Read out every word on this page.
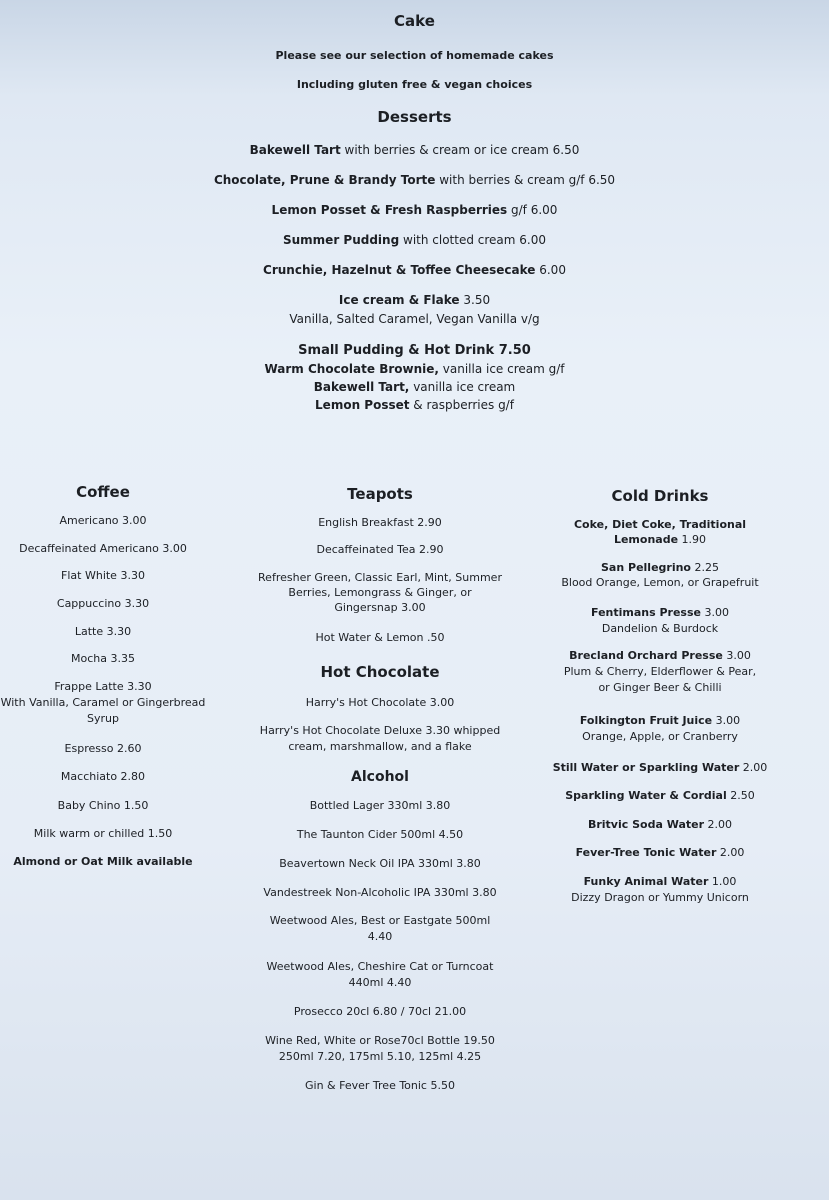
Cake
Please see our selection of homemade cakes
Including gluten free & vegan choices
Desserts
Bakewell Tart with berries & cream or ice cream 6.50
Chocolate, Prune & Brandy Torte with berries & cream g/f 6.50
Lemon Posset & Fresh Raspberries g/f 6.00
Summer Pudding with clotted cream 6.00
Crunchie, Hazelnut & Toffee Cheesecake 6.00
Ice cream & Flake 3.50
Vanilla, Salted Caramel, Vegan Vanilla v/g
Small Pudding & Hot Drink 7.50
Warm Chocolate Brownie, vanilla ice cream g/f
Bakewell Tart, vanilla ice cream
Lemon Posset & raspberries g/f
Coffee
Americano 3.00
Decaffeinated Americano 3.00
Flat White 3.30
Cappuccino 3.30
Latte 3.30
Mocha 3.35
Frappe Latte 3.30
With Vanilla, Caramel or Gingerbread
Syrup
Espresso 2.60
Macchiato 2.80
Baby Chino 1.50
Milk warm or chilled 1.50
Almond or Oat Milk available
Teapots
English Breakfast 2.90
Decaffeinated Tea 2.90
Refresher Green, Classic Earl, Mint, Summer
Berries, Lemongrass & Ginger, or
Gingersnap 3.00
Hot Water & Lemon .50
Hot Chocolate
Harry's Hot Chocolate 3.00
Harry's Hot Chocolate Deluxe 3.30 whipped
cream, marshmallow, and a flake
Alcohol
Bottled Lager 330ml 3.80
The Taunton Cider 500ml 4.50
Beavertown Neck Oil IPA 330ml 3.80
Vandestreek Non-Alcoholic IPA 330ml 3.80
Weetwood Ales, Best or Eastgate 500ml
4.40
Weetwood Ales, Cheshire Cat or Turncoat
440ml 4.40
Prosecco 20cl 6.80 / 70cl 21.00
Wine Red, White or Rose70cl Bottle 19.50
250ml 7.20, 175ml 5.10, 125ml 4.25
Gin & Fever Tree Tonic 5.50
Cold Drinks
Coke, Diet Coke, Traditional
Lemonade 1.90
San Pellegrino 2.25
Blood Orange, Lemon, or Grapefruit
Fentimans Presse 3.00
Dandelion & Burdock
Brecland Orchard Presse 3.00
Plum & Cherry, Elderflower & Pear,
or Ginger Beer & Chilli
Folkington Fruit Juice 3.00
Orange, Apple, or Cranberry
Still Water or Sparkling Water 2.00
Sparkling Water & Cordial 2.50
Britvic Soda Water 2.00
Fever-Tree Tonic Water 2.00
Funky Animal Water 1.00
Dizzy Dragon or Yummy Unicorn
